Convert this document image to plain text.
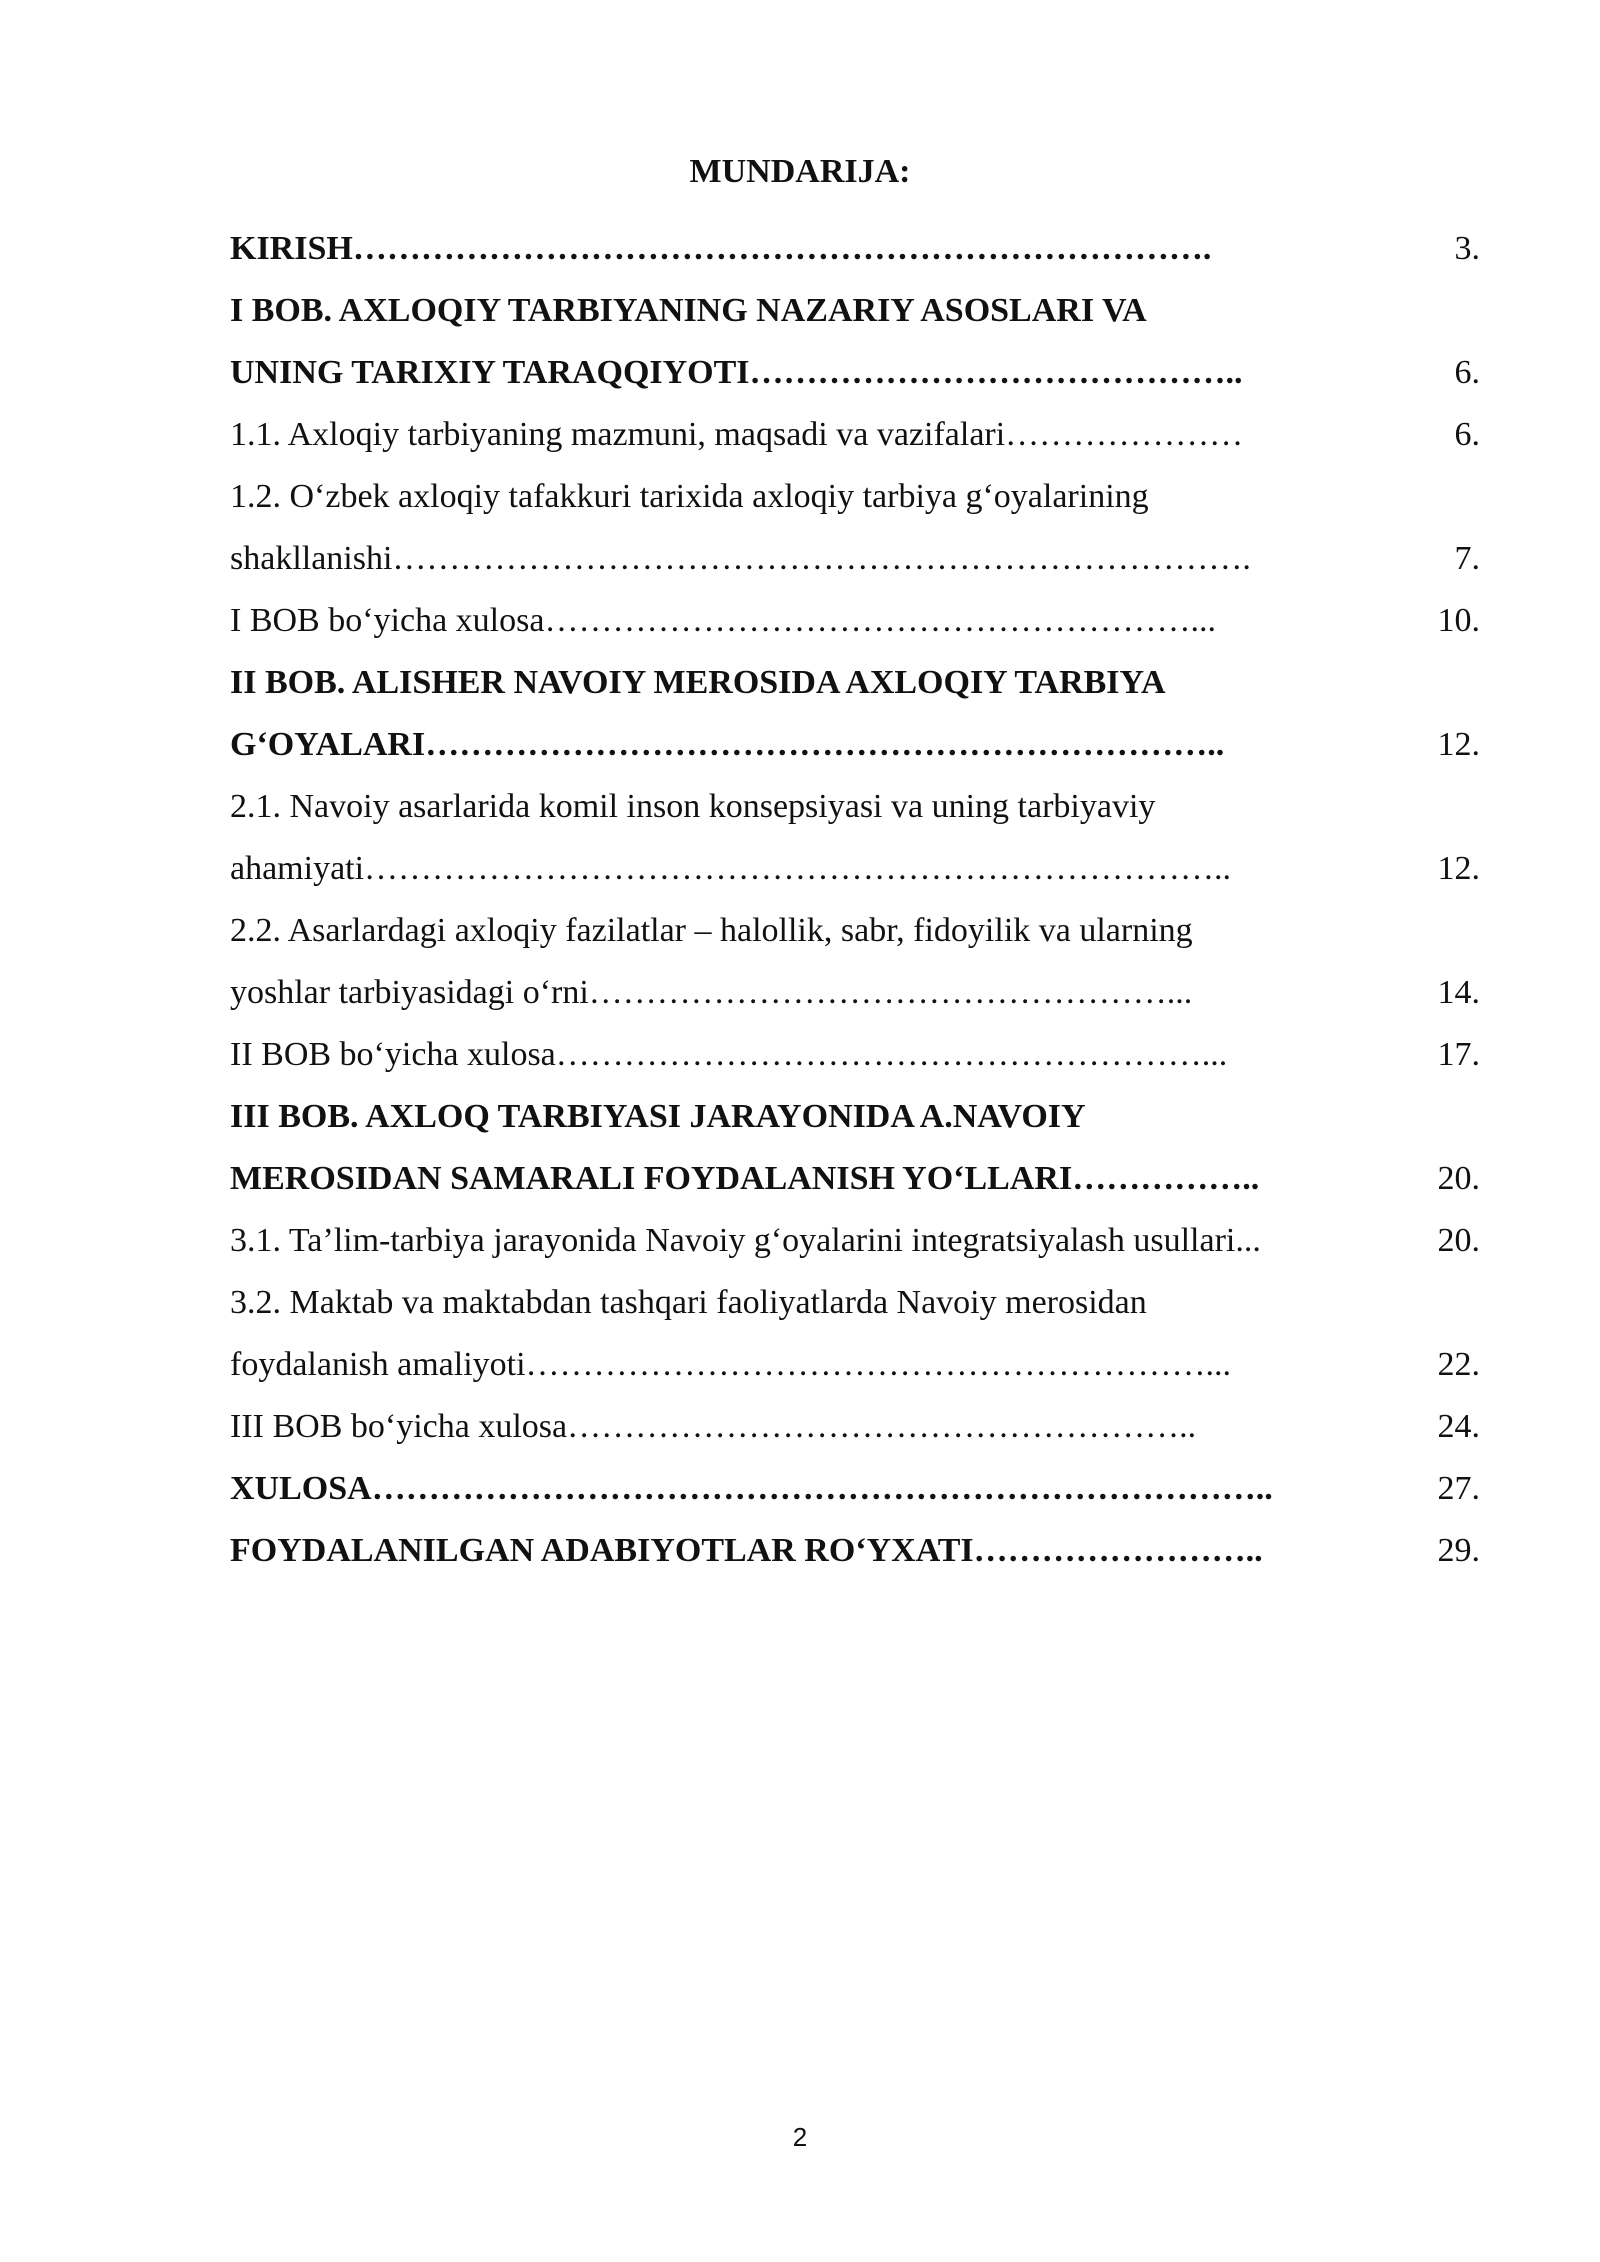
MUNDARIJA:
KIRISH………………………………………………………………….	3.
I BOB. AXLOQIY TARBIYANING NAZARIY ASOSLARI VA
UNING TARIXIY TARAQQIYOTI……………………………………..	6.
1.1. Axloqiy tarbiyaning mazmuni, maqsadi va vazifalari…………………	6.
1.2. O‘zbek axloqiy tafakkuri tarixida axloqiy tarbiya g‘oyalarining
shakllanishi………………………………………………………………….	7.
I BOB bo‘yicha xulosa…………………………………………………...	10.
II BOB. ALISHER NAVOIY MEROSIDA AXLOQIY TARBIYA
G‘OYALARI……………………………………………………………..	12.
2.1. Navoiy asarlarida komil inson konsepsiyasi va uning tarbiyaviy
ahamiyati…………………………………………………………………..	12.
2.2. Asarlardagi axloqiy fazilatlar – halollik, sabr, fidoyilik va ularning
yoshlar tarbiyasidagi o‘rni……………………………………………...	14.
II BOB bo‘yicha xulosa…………………………………………………...	17.
III BOB. AXLOQ TARBIYASI JARAYONIDA A.NAVOIY
MEROSIDAN SAMARALI FOYDALANISH YO‘LLARI……………..	20.
3.1. Ta’lim-tarbiya jarayonida Navoiy g‘oyalarini integratsiyalash usullari...	20.
3.2. Maktab va maktabdan tashqari faoliyatlarda Navoiy merosidan
foydalanish amaliyoti……………………………………………………...	22.
III BOB bo‘yicha xulosa………………………………………………..	24.
XULOSA……………………………………………………………………..	27.
FOYDALANILGAN ADABIYOTLAR RO‘YXATI……………………..	29.
2
